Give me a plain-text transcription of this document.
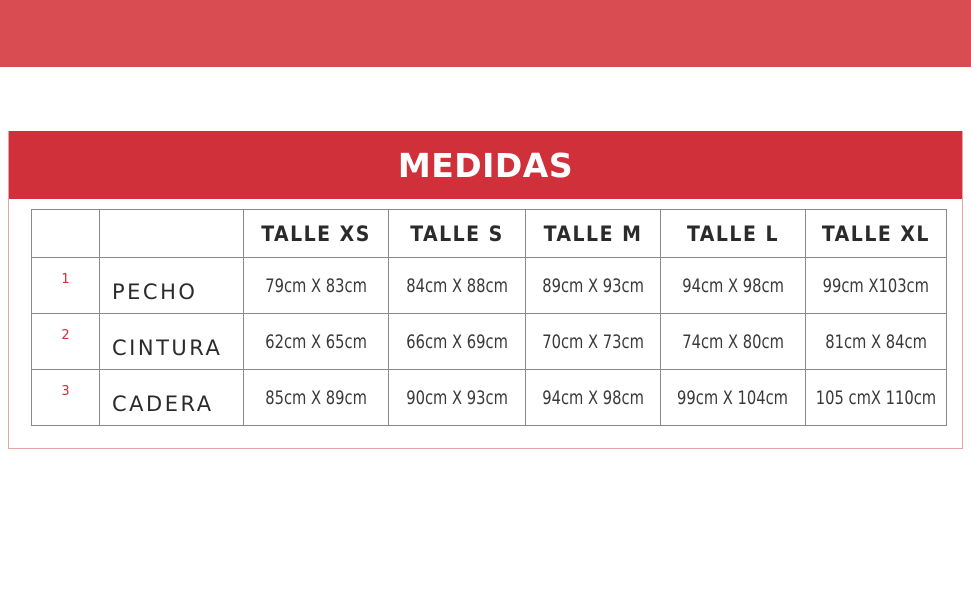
MEDIDAS
		TALLE XS	TALLE S	TALLE M	TALLE L	TALLE XL
1	PECHO	79cm X 83cm	84cm X 88cm	89cm X 93cm	94cm X 98cm	99cm X103cm
2	CINTURA	62cm X 65cm	66cm X 69cm	70cm X 73cm	74cm X 80cm	81cm X 84cm
3	CADERA	85cm X 89cm	90cm X 93cm	94cm X 98cm	99cm X 104cm	105 cmX 110cm
